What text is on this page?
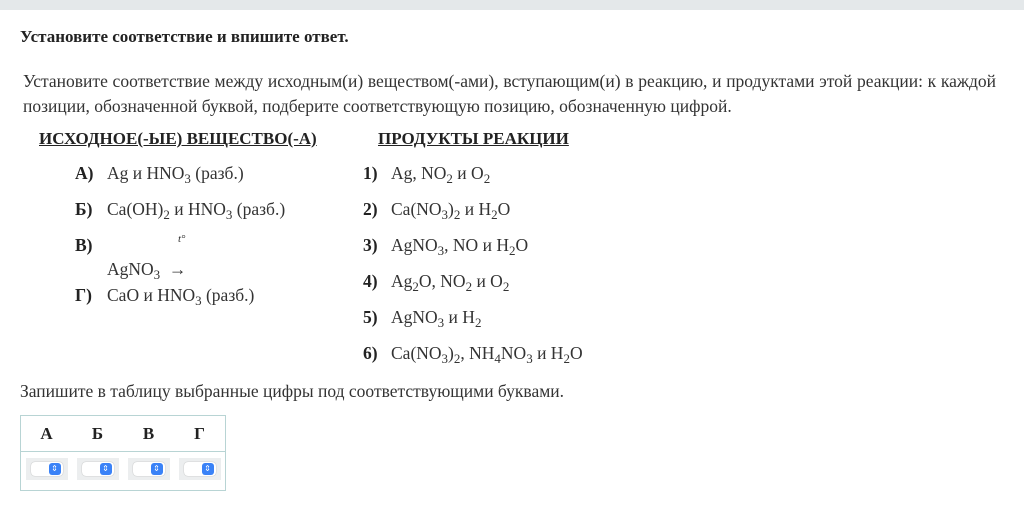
Установите соответствие и впишите ответ.
Установите соответствие между исходным(и) веществом(-ами), вступающим(и) в реакцию, и продуктами этой реакции: к каждой позиции, обозначенной буквой, подберите соответствующую позицию, обозначенную цифрой.
ИСХОДНОЕ(-ЫЕ) ВЕЩЕСТВО(-А)	ПРОДУКТЫ РЕАКЦИИ
А) Ag и $HNO_3$ (разб.)
Б) $Ca(OH)_2$ и $HNO_3$ (разб.)
В)	t°
AgNO$_3$  →
Г) CaO и $HNO_3$ (разб.)
1) Ag, $NO_2$ и $O_2$
2) $Ca(NO_3)_2$ и $H_2O$
3) AgNO$_3$, NO и $H_2O$
4) $Ag_2O$, $NO_2$ и $O_2$
5) AgNO$_3$ и $H_2$
6) $Ca(NO_3)_2$, $NH_4NO_3$ и $H_2O$
Запишите в таблицу выбранные цифры под соответствующими буквами.
А	Б	В	Г

⇕	⇕	⇕	⇕
